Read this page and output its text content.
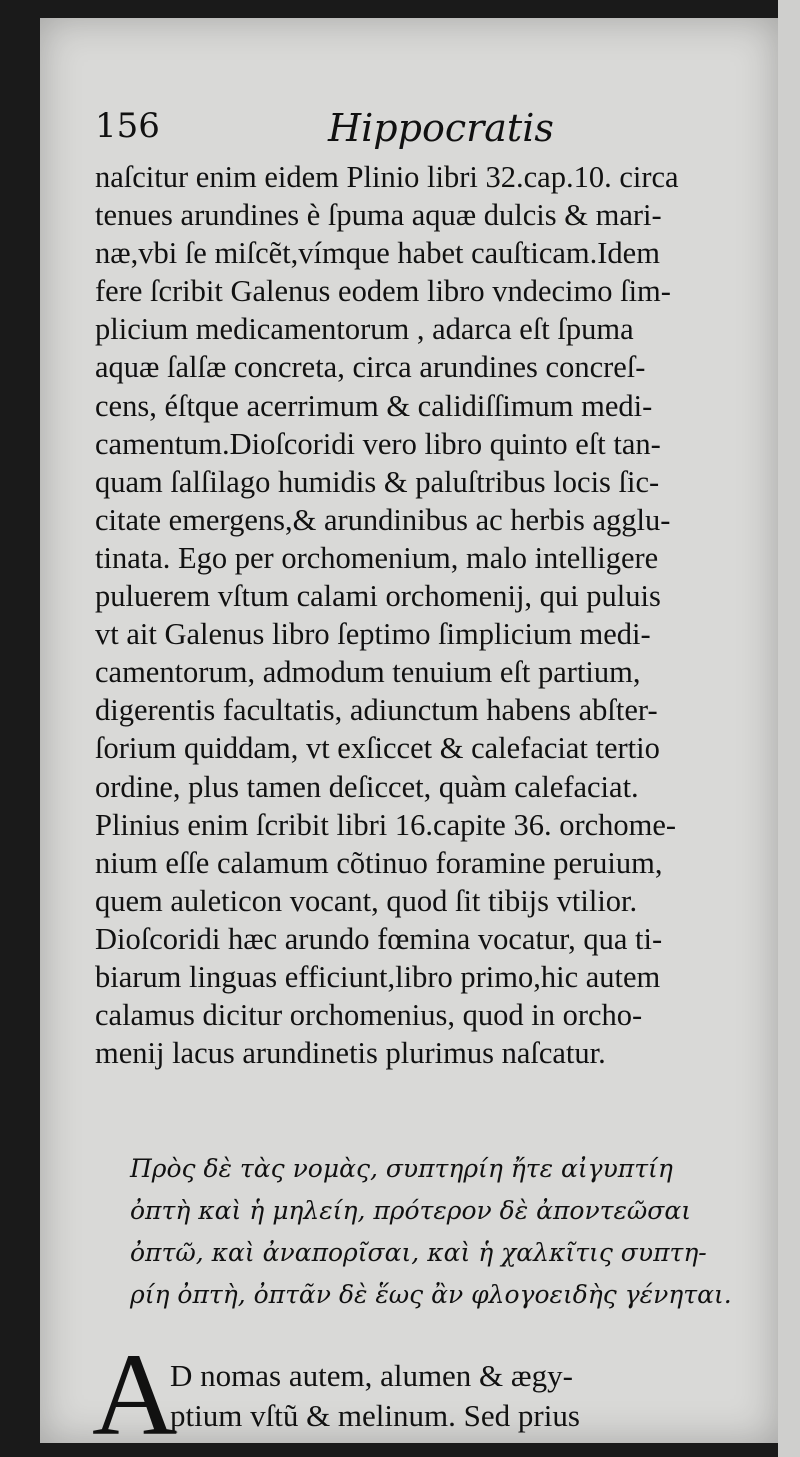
156	Hippocratis
naſcitur enim eidem Plinio libri 32.cap.10. circa
tenues arundines è ſpuma aquæ dulcis & mari-
næ,vbi ſe miſcẽt,vímque habet cauſticam.Idem
fere ſcribit Galenus eodem libro vndecimo ſim-
plicium medicamentorum , adarca eſt ſpuma
aquæ ſalſæ concreta, circa arundines concreſ-
cens, éſtque acerrimum & calidiſſimum medi-
camentum.Dioſcoridi vero libro quinto eſt tan-
quam ſalſilago humidis & paluſtribus locis ſic-
citate emergens,& arundinibus ac herbis agglu-
tinata. Ego per orchomenium, malo intelligere
puluerem vſtum calami orchomenij, qui puluis
vt ait Galenus libro ſeptimo ſimplicium medi-
camentorum, admodum tenuium eſt partium,
digerentis facultatis, adiunctum habens abſter-
ſorium quiddam, vt exſiccet & calefaciat tertio
ordine, plus tamen deſiccet, quàm calefaciat.
Plinius enim ſcribit libri 16.capite 36. orchome-
nium eſſe calamum cõtinuo foramine peruium,
quem auleticon vocant, quod ſit tibijs vtilior.
Dioſcoridi hæc arundo fœmina vocatur, qua ti-
biarum linguas efficiunt,libro primo,hic autem
calamus dicitur orchomenius, quod in orcho-
menij lacus arundinetis plurimus naſcatur.
Πρὸς δὲ τὰς νομὰς, συπτηρίη ἤτε αἰγυπτίη
ὀπτὴ καὶ ἡ μηλείη, πρότερον δὲ ἀποντεῶσαι
ὀπτῶ, καὶ ἀναπορῖσαι, καὶ ἡ χαλκῖτις συπτη-
ρίη ὀπτὴ, ὀπτᾶν δὲ ἕως ἂν φλογοειδὴς γένηται.
A
D nomas autem, alumen & ægy-
ptium vſtũ & melinum. Sed prius
